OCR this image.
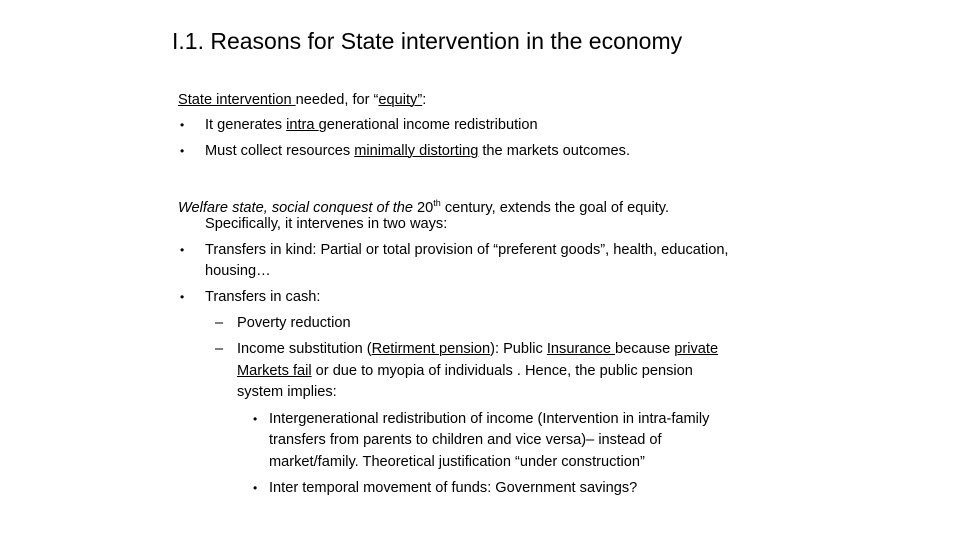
I.1. Reasons for State intervention in the economy
State intervention needed, for “equity”:
• It generates intra generational income redistribution
• Must collect resources minimally distorting the markets outcomes.
Welfare state, social conquest of the 20th century, extends the goal of equity.
Specifically, it intervenes in two ways:
• Transfers in kind: Partial or total provision of “preferent goods”, health, education,
housing…
• Transfers in cash:
– Poverty reduction
– Income substitution (Retirment pension): Public Insurance because private
Markets fail or due to myopia of individuals . Hence, the public pension
system implies:
• Intergenerational redistribution of income (Intervention in intra-family
transfers from parents to children and vice versa)– instead of
market/family. Theoretical justification “under construction”
• Inter temporal movement of funds: Government savings?
